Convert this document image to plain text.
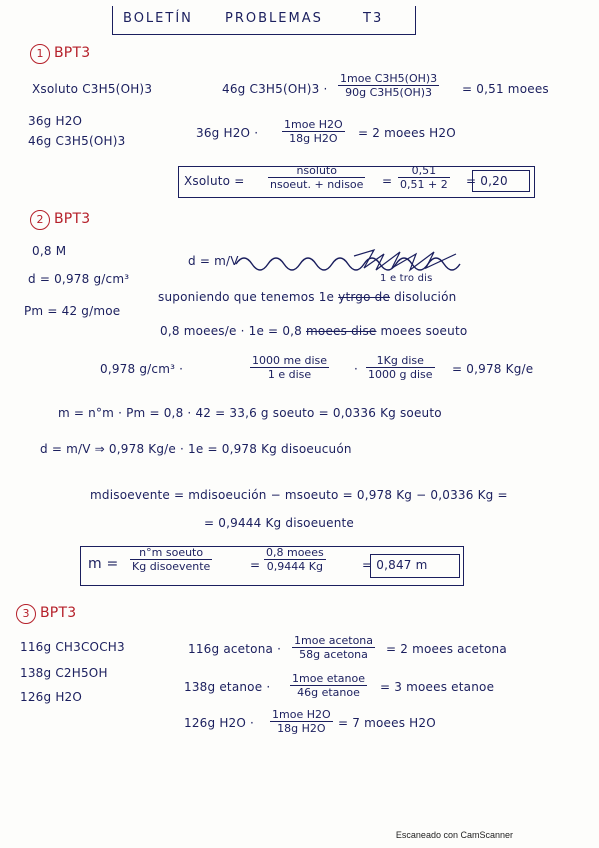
BOLETÍN PROBLEMAS	T3
1 BPT3
Xsoluto C3H5(OH)3
36g H2O
46g C3H5(OH)3
46g C3H5(OH)3 ·
1moe C3H5(OH)3
90g C3H5(OH)3	= 0,51 moees
36g H2O ·
1moe H2O
18g H2O	= 2 moees H2O
Xsoluto =
nsoluto
nsoeut. + ndisoe = $\frac{0,51}{0,51 + 2} = 0,20$
2 BPT3
0,8 M
d = 0,978 g/cm³
Pm = 42 g/moe
d = m/V
1 e tro dis
suponiendo que tenemos 1e ytrgo de disolución
0,8 moees/e · 1e = 0,8 moees dise moees soeuto
0,978 g/cm³ ·
1000 me dise
1 e dise	·
1Kg dise
1000 g dise = 0,978 Kg/e
m = n°m · Pm = 0,8 · 42 = 33,6 g soeuto = 0,0336 Kg soeuto
d = m/V ⇒ 0,978 Kg/e · 1e = 0,978 Kg disoeucuón
mdisoevente = mdisoeución − msoeuto = 0,978 Kg − 0,0336 Kg =
= 0,9444 Kg disoeuente
m =
n°m soeuto
Kg disoevente	=
0,8 moees
0,9444 Kg	= 0,847 m
3 BPT3
116g CH3COCH3
138g C2H5OH
126g H2O
116g acetona ·
1moe acetona
58g acetona	= 2 moees acetona
138g etanoe ·
1moe etanoe
46g etanoe	= 3 moees etanoe
126g H2O ·
1moe H2O
18g H2O	= 7 moees H2O
Escaneado con CamScanner
